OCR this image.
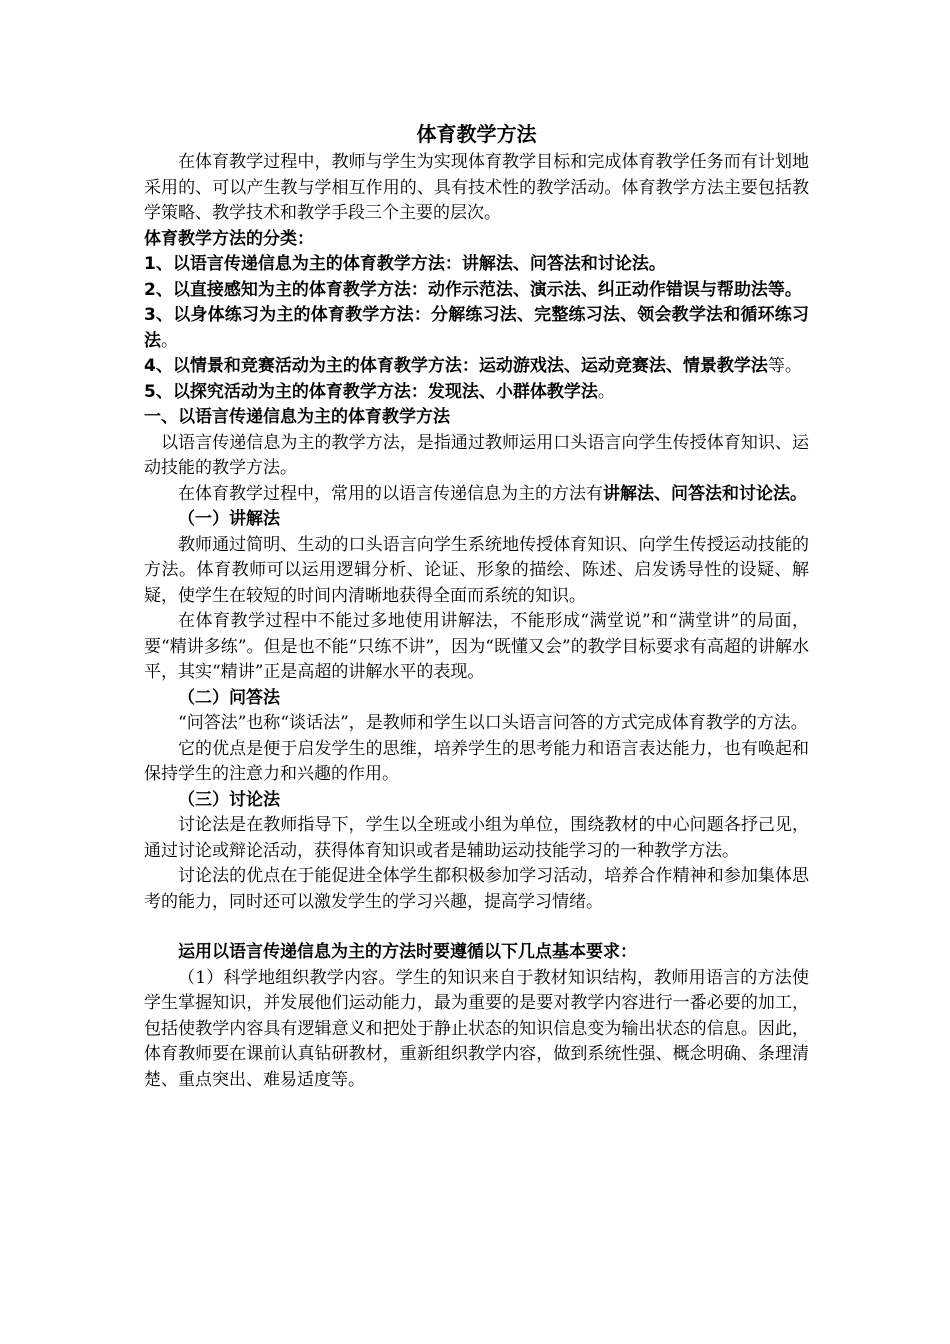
体育教学方法

在体育教学过程中，教师与学生为实现体育教学目标和完成体育教学任务而有计划地采用的、可以产生教与学相互作用的、具有技术性的教学活动。体育教学方法主要包括教学策略、教学技术和教学手段三个主要的层次。

体育教学方法的分类：

1、以语言传递信息为主的体育教学方法：讲解法、问答法和讨论法。

2、以直接感知为主的体育教学方法：动作示范法、演示法、纠正动作错误与帮助法等。

3、以身体练习为主的体育教学方法：分解练习法、完整练习法、领会教学法和循环练习法。

4、以情景和竞赛活动为主的体育教学方法：运动游戏法、运动竞赛法、情景教学法等。

5、以探究活动为主的体育教学方法：发现法、小群体教学法。

一、以语言传递信息为主的体育教学方法

以语言传递信息为主的教学方法，是指通过教师运用口头语言向学生传授体育知识、运动技能的教学方法。

在体育教学过程中，常用的以语言传递信息为主的方法有讲解法、问答法和讨论法。

（一）讲解法

教师通过简明、生动的口头语言向学生系统地传授体育知识、向学生传授运动技能的方法。体育教师可以运用逻辑分析、论证、形象的描绘、陈述、启发诱导性的设疑、解疑，使学生在较短的时间内清晰地获得全面而系统的知识。

在体育教学过程中不能过多地使用讲解法，不能形成“满堂说”和“满堂讲”的局面，要“精讲多练”。但是也不能“只练不讲”，因为“既懂又会”的教学目标要求有高超的讲解水平，其实“精讲”正是高超的讲解水平的表现。

（二）问答法

“问答法”也称“谈话法”，是教师和学生以口头语言问答的方式完成体育教学的方法。

它的优点是便于启发学生的思维，培养学生的思考能力和语言表达能力，也有唤起和保持学生的注意力和兴趣的作用。

（三）讨论法

讨论法是在教师指导下，学生以全班或小组为单位，围绕教材的中心问题各抒己见，通过讨论或辩论活动，获得体育知识或者是辅助运动技能学习的一种教学方法。

讨论法的优点在于能促进全体学生都积极参加学习活动，培养合作精神和参加集体思考的能力，同时还可以激发学生的学习兴趣，提高学习情绪。

运用以语言传递信息为主的方法时要遵循以下几点基本要求：

（1）科学地组织教学内容。学生的知识来自于教材知识结构，教师用语言的方法使学生掌握知识，并发展他们运动能力，最为重要的是要对教学内容进行一番必要的加工，包括使教学内容具有逻辑意义和把处于静止状态的知识信息变为输出状态的信息。因此，体育教师要在课前认真钻研教材，重新组织教学内容，做到系统性强、概念明确、条理清楚、重点突出、难易适度等。
